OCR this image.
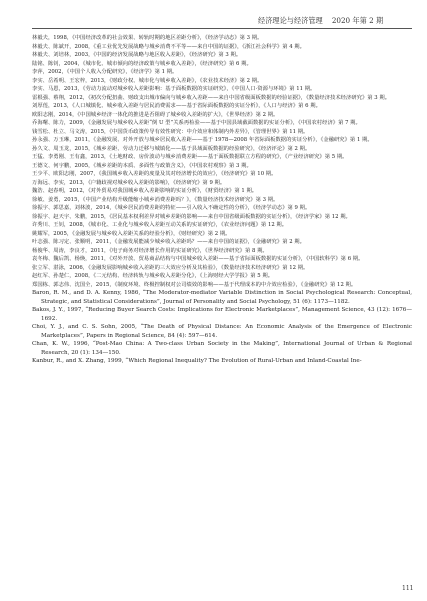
经济理论与经济管理 2020 年第 2 期

林毅夫，1998，《中国经济改革的社会效果、转轨时期的地区差距分析》，《经济学动态》第 3 期。

林毅夫、陈斌开，2008，《重工业优先发展战略与城乡消费不平等——来自中国的证据》，《浙江社会科学》第 4 期。

林毅夫、刘培林，2003，《中国的经济发展战略与地区收入差距》，《经济研究》第 3 期。

陆铭、陈钊，2004，《城市化、城市倾向的经济政策与城乡收入差距》，《经济研究》第 6 期。

李萍，2002，《中国个人收入分配研究》，《经济学》第 1 期。

李实、岳希明、王宏梓，2013，《财政分权、城市化与城乡收入差距》，《农业技术经济》第 2 期。

李实、马恩，2013，《劳动力流动对城乡收入差距影响：基于面板数据的实证研究》，《中国人口·资源与环境》第 11 期。

雷根强、蔡翔，2012，《初次分配扭曲、财政支出城市偏向与城乡收入差距——来自中国省级面板数据的经验证据》，《数量经济技术经济研究》第 3 期。

刘厚莲，2013，《人口城镇化、城乡收入差距与居民消费需求——基于省际面板数据的实证分析》，《人口与经济》第 6 期。

欧阳志刚，2014，《中国城乡经济一体化的推进是否阻碍了城乡收入差距的扩大》，《世界经济》第 2 期。

乔海曙、陈力，2009，《金融发展与城乡收入差距“倒 U 型”关系再检验——基于中国县域截面数据的实证分析》，《中国农村经济》第 7 期。

钱雪松、杜立、马文涛，2015，《中国货币政策传导有效性研究：中介效应和体制内外差异》，《管理世界》第 11 期。

孙永强、万玉琳，2011，《金融发展、对外开放与城乡居民收入差距——基于 1978—2008 年省际面板数据的实证分析》，《金融研究》第 1 期。

孙久文、周玉龙，2015，《城乡差距、劳动力迁移与城镇化——基于县域面板数据的经验研究》，《经济评论》第 2 期。

王猛、李勇刚、王有鑫，2013，《土地财政、房价波动与城乡消费差距——基于面板数据联立方程的研究》，《产业经济研究》第 5 期。

王德文、何宇鹏，2005，《城乡差距的本质、多面性与政策含义》，《中国农村观察》第 3 期。

王少平、欧阳志刚，2007，《我国城乡收入差距的度量及其对经济增长的效应》，《经济研究》第 10 期。

万海远、李实，2013，《户籍歧视对城乡收入差距的影响》，《经济研究》第 9 期。

魏浩、赵春明，2012，《对外贸易对我国城乡收入差距影响的实证分析》，《财贸经济》第 1 期。

徐敏、姜勇，2015，《中国产业结构升级能缩小城乡消费差距吗？》，《数量经济技术经济研究》第 3 期。

徐振宇、郭思嘉，刘林波，2014，《城乡居民消费差距的特征——引入收入不确定性的分析》，《经济学动态》第 9 期。

徐振宇、赵天宇、朱鹏，2015，《居民基本权利差异对城乡差距的影响——来自中国省级面板数据的实证分析》，《经济学家》第 12 期。

许秀川、王钊，2008，《城市化、工业化与城乡收入差距互动关系的实证研究》，《农业经济问题》第 12 期。

姚耀军，2005，《金融发展与城乡收入差距关系的经验分析》，《财经研究》第 2 期。

叶志强、陈习定、张顺明，2011，《金融发展能减少城乡收入差距吗？——来自中国的证据》，《金融研究》第 2 期。

杨俊华、周涛，李良才，2011，《电子商务对经济增长作用的实证研究》，《世界经济研究》第 8 期。

袁冬梅、魏后凯、杨焕，2011，《对外开放、贸易商品结构与中国城乡收入差距——基于省际面板数据的实证分析》，《中国软科学》第 6 期。

张立军、湛泳，2006，《金融发展影响城乡收入差距的三大效应分析及其检验》，《数量经济技术经济研究》第 12 期。

赵红军、孙楚仁，2008，《二元结构、经济转轨与城乡收入差距分化》，《上海财经大学学报》第 5 期。

郑国栋、郭志伟、沈国全，2015，《制度环境、终极控制权对公司绩效的影响——基于代理成本的中介效应检验》，《金融研究》第 12 期。

Baron, R. M., and D. A. Kenny, 1986, “The Moderator-mediator Variable Distinction in Social Psychological Research: Conceptual, Strategic, and Statistical Considerations”, Journal of Personality and Social Psychology, 51 (6): 1173—1182.

Bakos, J. Y., 1997, “Reducing Buyer Search Costs: Implications for Electronic Marketplaces”, Management Science, 43 (12): 1676—1692.

Choi, Y. J., and C. S. Sohn, 2005, “The Death of Physical Distance: An Economic Analysis of the Emergence of Electronic Marketplaces”, Papers in Regional Science, 84 (4): 597—614.

Chan, K. W., 1996, “Post-Mao China: A Two-class Urban Society in the Making”, International Journal of Urban & Regional Research, 20 (1): 134—150.

Kanbur, R., and X. Zhang, 1999, “Which Regional Inequality? The Evolution of Rural-Urban and Inland-Coastal Ine-

111
